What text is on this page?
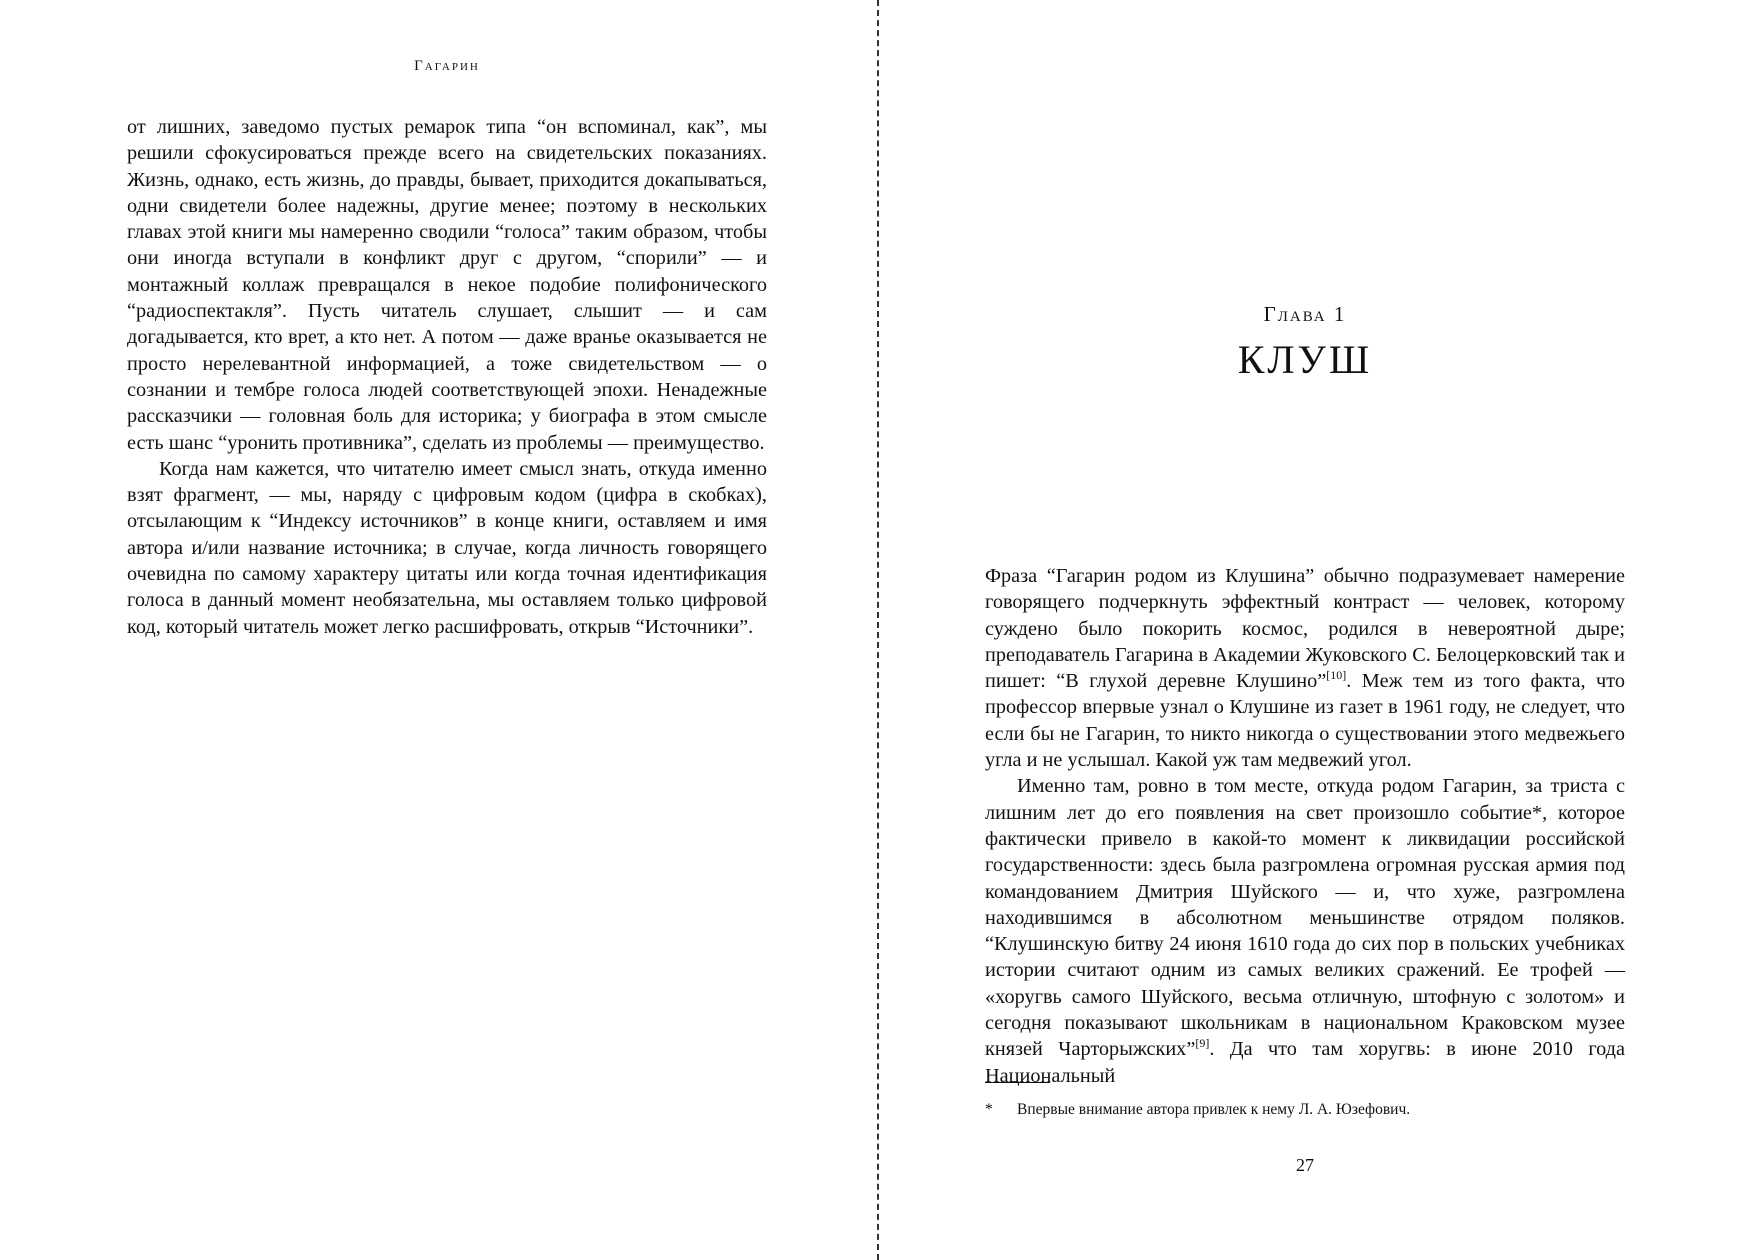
Гагарин

от лишних, заведомо пустых ремарок типа “он вспоминал, как”, мы решили сфокусироваться прежде всего на свидетельских показаниях. Жизнь, однако, есть жизнь, до правды, бывает, приходится докапываться, одни свидетели более надежны, другие менее; поэтому в нескольких главах этой книги мы намеренно сводили “голоса” таким образом, чтобы они иногда вступали в конфликт друг с другом, “спорили” — и монтажный коллаж превращался в некое подобие полифонического “радиоспектакля”. Пусть читатель слушает, слышит — и сам догадывается, кто врет, а кто нет. А потом — даже вранье оказывается не просто нерелевантной информацией, а тоже свидетельством — о сознании и тембре голоса людей соответствующей эпохи. Ненадежные рассказчики — головная боль для историка; у биографа в этом смысле есть шанс “уронить противника”, сделать из проблемы — преимущество.

Когда нам кажется, что читателю имеет смысл знать, откуда именно взят фрагмент, — мы, наряду с цифровым кодом (цифра в скобках), отсылающим к “Индексу источников” в конце книги, оставляем и имя автора и/или название источника; в случае, когда личность говорящего очевидна по самому характеру цитаты или когда точная идентификация голоса в данный момент необязательна, мы оставляем только цифровой код, который читатель может легко расшифровать, открыв “Источники”.

Глава 1
КЛУШ

Фраза “Гагарин родом из Клушина” обычно подразумевает намерение говорящего подчеркнуть эффектный контраст — человек, которому суждено было покорить космос, родился в невероятной дыре; преподаватель Гагарина в Академии Жуковского С. Белоцерковский так и пишет: “В глухой деревне Клушино”[10]. Меж тем из того факта, что профессор впервые узнал о Клушине из газет в 1961 году, не следует, что если бы не Гагарин, то никто никогда о существовании этого медвежьего угла и не услышал. Какой уж там медвежий угол.

Именно там, ровно в том месте, откуда родом Гагарин, за триста с лишним лет до его появления на свет произошло событие*, которое фактически привело в какой-то момент к ликвидации российской государственности: здесь была разгромлена огромная русская армия под командованием Дмитрия Шуйского — и, что хуже, разгромлена находившимся в абсолютном меньшинстве отрядом поляков. “Клушинскую битву 24 июня 1610 года до сих пор в польских учебниках истории считают одним из самых великих сражений. Ее трофей — «хоругвь самого Шуйского, весьма отличную, штофную с золотом» и сегодня показывают школьникам в национальном Краковском музее князей Чарторыжских”[9]. Да что там хоругвь: в июне 2010 года Национальный

* Впервые внимание автора привлек к нему Л. А. Юзефович.
27
